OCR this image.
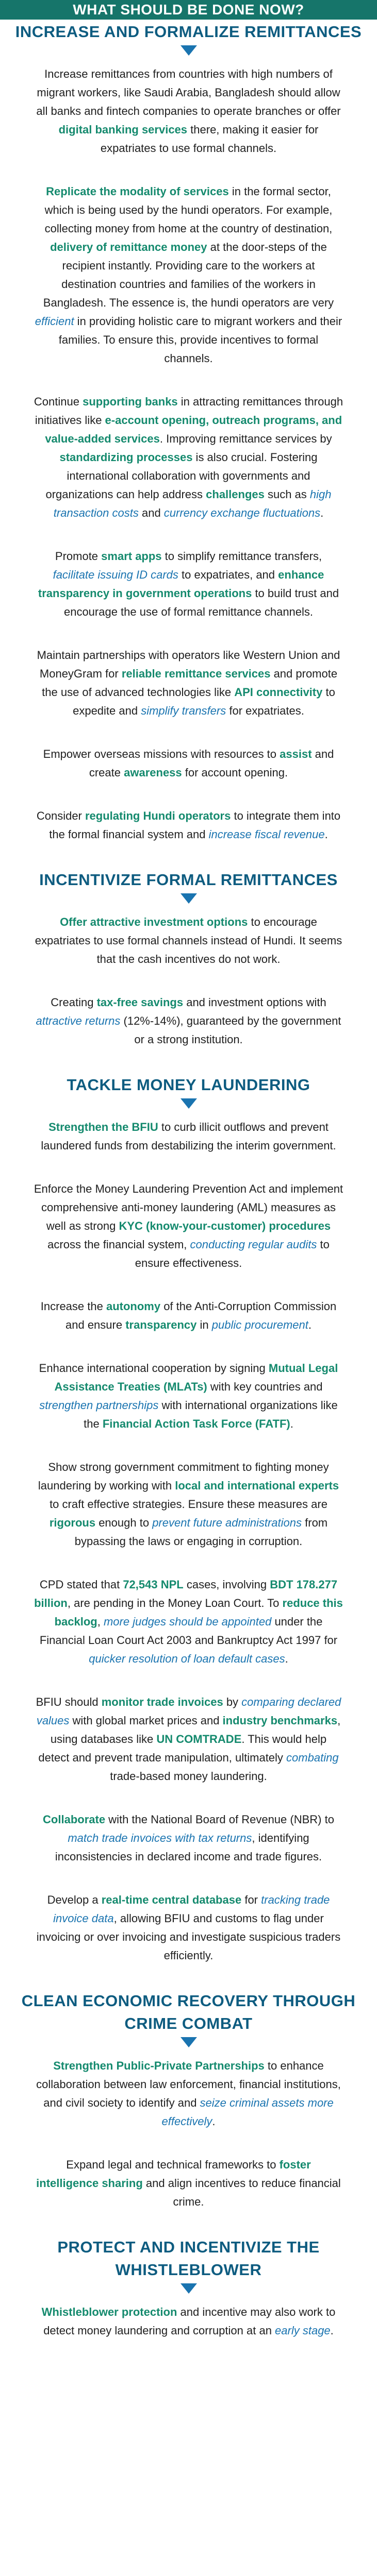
WHAT SHOULD BE DONE NOW?
INCREASE AND FORMALIZE REMITTANCES
Increase remittances from countries with high numbers of migrant workers, like Saudi Arabia, Bangladesh should allow all banks and fintech companies to operate branches or offer digital banking services there, making it easier for expatriates to use formal channels.
Replicate the modality of services in the formal sector, which is being used by the hundi operators. For example, collecting money from home at the country of destination, delivery of remittance money at the door-steps of the recipient instantly. Providing care to the workers at destination countries and families of the workers in Bangladesh. The essence is, the hundi operators are very efficient in providing holistic care to migrant workers and their families. To ensure this, provide incentives to formal channels.
Continue supporting banks in attracting remittances through initiatives like e-account opening, outreach programs, and value-added services. Improving remittance services by standardizing processes is also crucial. Fostering international collaboration with governments and organizations can help address challenges such as high transaction costs and currency exchange fluctuations.
Promote smart apps to simplify remittance transfers, facilitate issuing ID cards to expatriates, and enhance transparency in government operations to build trust and encourage the use of formal remittance channels.
Maintain partnerships with operators like Western Union and MoneyGram for reliable remittance services and promote the use of advanced technologies like API connectivity to expedite and simplify transfers for expatriates.
Empower overseas missions with resources to assist and create awareness for account opening.
Consider regulating Hundi operators to integrate them into the formal financial system and increase fiscal revenue.
INCENTIVIZE FORMAL REMITTANCES
Offer attractive investment options to encourage expatriates to use formal channels instead of Hundi. It seems that the cash incentives do not work.
Creating tax-free savings and investment options with attractive returns (12%-14%), guaranteed by the government or a strong institution.
TACKLE MONEY LAUNDERING
Strengthen the BFIU to curb illicit outflows and prevent laundered funds from destabilizing the interim government.
Enforce the Money Laundering Prevention Act and implement comprehensive anti-money laundering (AML) measures as well as strong KYC (know-your-customer) procedures across the financial system, conducting regular audits to ensure effectiveness.
Increase the autonomy of the Anti-Corruption Commission and ensure transparency in public procurement.
Enhance international cooperation by signing Mutual Legal Assistance Treaties (MLATs) with key countries and strengthen partnerships with international organizations like the Financial Action Task Force (FATF).
Show strong government commitment to fighting money laundering by working with local and international experts to craft effective strategies. Ensure these measures are rigorous enough to prevent future administrations from bypassing the laws or engaging in corruption.
CPD stated that 72,543 NPL cases, involving BDT 178.277 billion, are pending in the Money Loan Court. To reduce this backlog, more judges should be appointed under the Financial Loan Court Act 2003 and Bankruptcy Act 1997 for quicker resolution of loan default cases.
BFIU should monitor trade invoices by comparing declared values with global market prices and industry benchmarks, using databases like UN COMTRADE. This would help detect and prevent trade manipulation, ultimately combating trade-based money laundering.
Collaborate with the National Board of Revenue (NBR) to match trade invoices with tax returns, identifying inconsistencies in declared income and trade figures.
Develop a real-time central database for tracking trade invoice data, allowing BFIU and customs to flag under invoicing or over invoicing and investigate suspicious traders efficiently.
CLEAN ECONOMIC RECOVERY THROUGH CRIME COMBAT
Strengthen Public-Private Partnerships to enhance collaboration between law enforcement, financial institutions, and civil society to identify and seize criminal assets more effectively.
Expand legal and technical frameworks to foster intelligence sharing and align incentives to reduce financial crime.
PROTECT AND INCENTIVIZE THE WHISTLEBLOWER
Whistleblower protection and incentive may also work to detect money laundering and corruption at an early stage.
